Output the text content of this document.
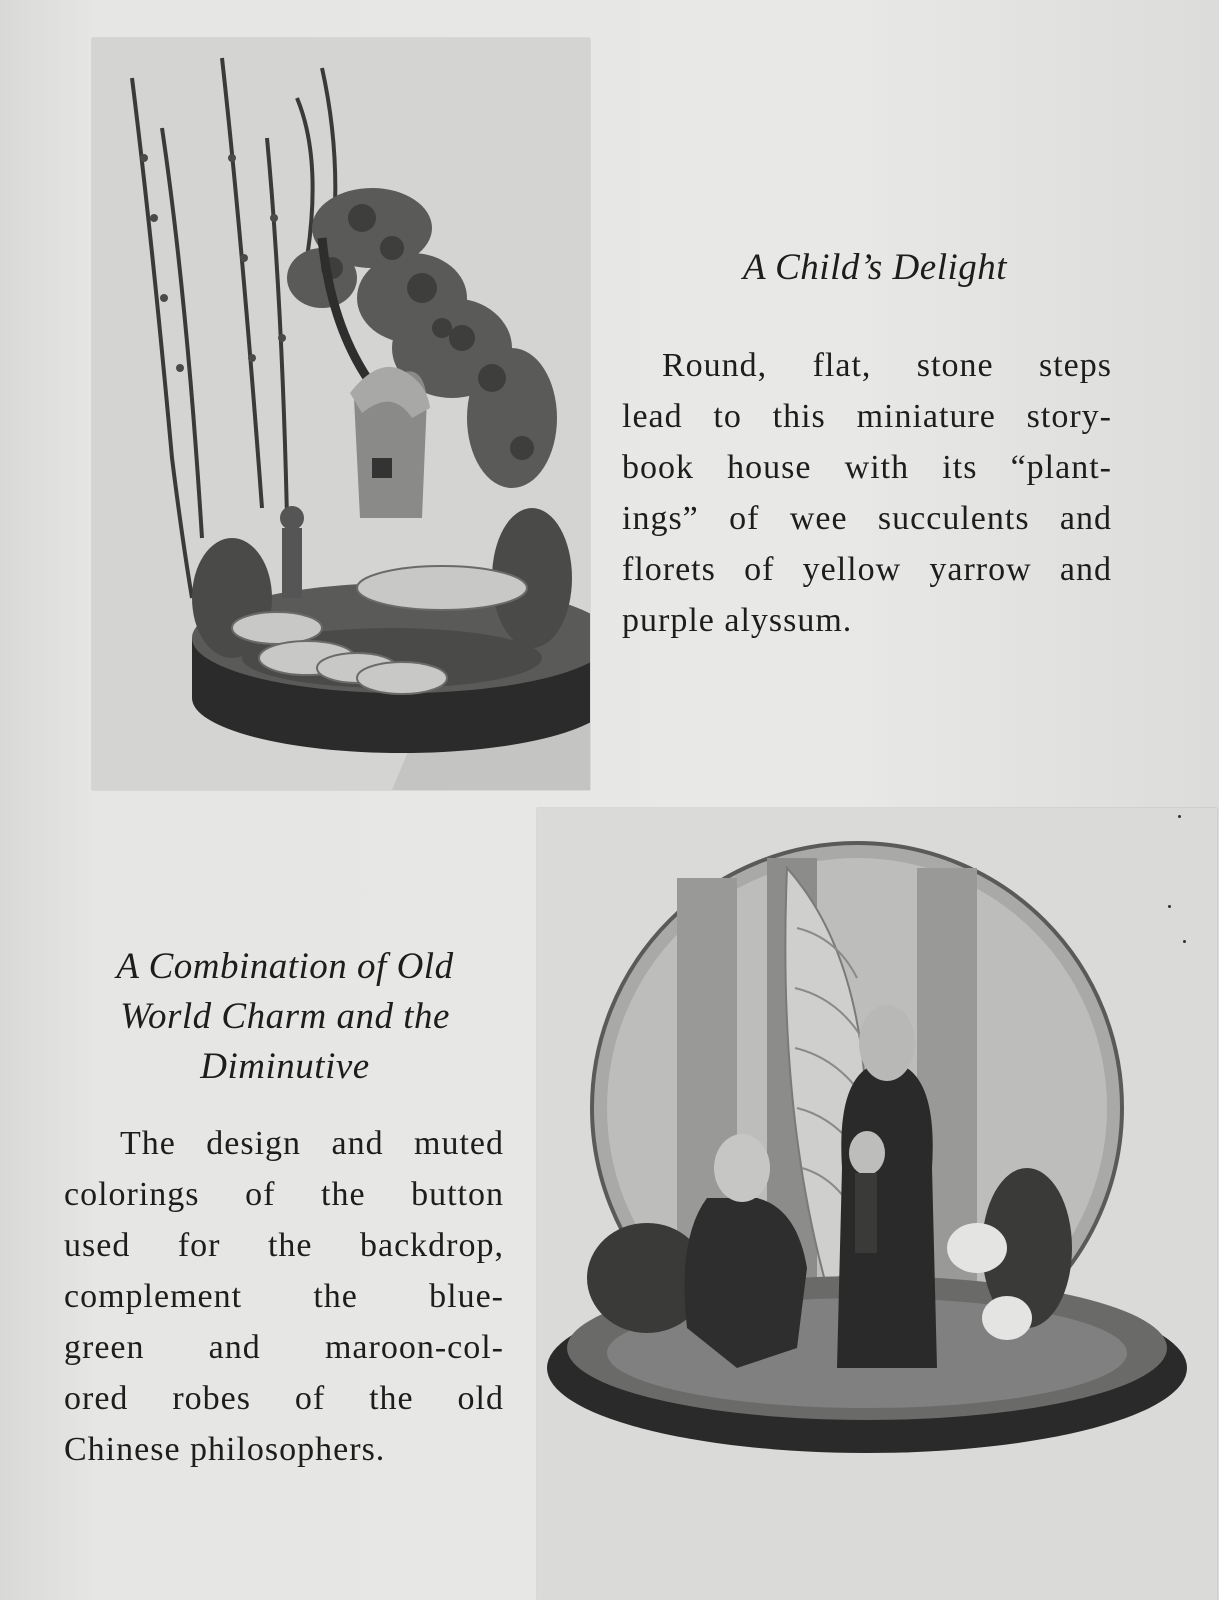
A Child’s Delight
Round, flat, stone steps
lead to this miniature story-
book house with its “plant-
ings” of wee succulents and
florets of yellow yarrow and
purple alyssum.
A Combination of Old
World Charm and the
Diminutive
The design and muted
colorings of the button
used for the backdrop,
complement the blue-
green and maroon-col-
ored robes of the old
Chinese philosophers.
